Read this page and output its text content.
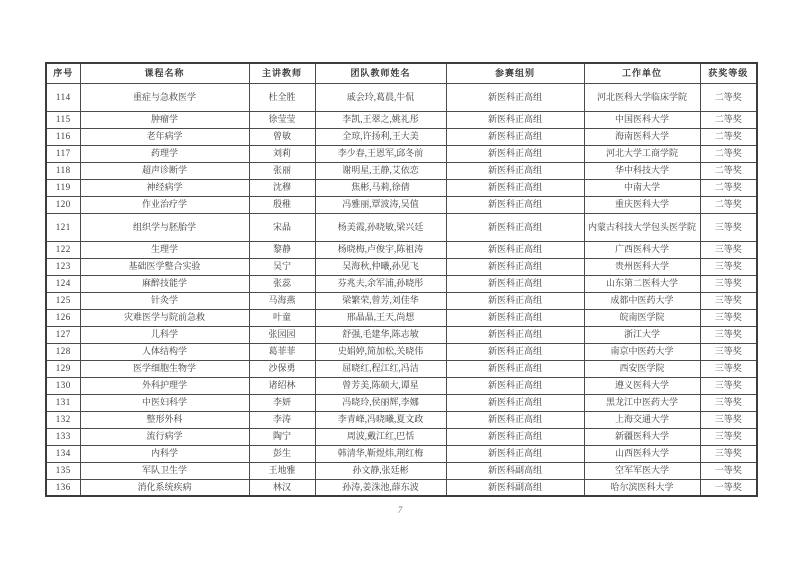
序号	课程名称	主讲教师	团队教师姓名	参赛组别	工作单位	获奖等级
114	重症与急救医学	杜全胜	戚会玲,葛晨,牛侃	新医科正高组	河北医科大学临床学院	二等奖
115	肿瘤学	徐莹莹	李凯,王翠之,姚礼彤	新医科正高组	中国医科大学	二等奖
116	老年病学	曾敏	全琼,许扬利,王大美	新医科正高组	海南医科大学	二等奖
117	药理学	刘莉	李少春,王恩军,邱冬前	新医科正高组	河北大学工商学院	二等奖
118	超声诊断学	张丽	谢明星,王静,艾依恋	新医科正高组	华中科技大学	二等奖
119	神经病学	沈穆	焦彬,马莉,徐倩	新医科正高组	中南大学	二等奖
120	作业治疗学	殷稚	冯雅丽,覃波涛,吴值	新医科正高组	重庆医科大学	二等奖
121	组织学与胚胎学	宋晶	杨美霞,孙晓敏,梁兴廷	新医科正高组	内蒙古科技大学包头医学院	三等奖
122	生理学	黎静	杨晓梅,卢俊宇,陈祖涛	新医科正高组	广西医科大学	三等奖
123	基础医学整合实验	吴宁	吴海秋,仲曦,孙见飞	新医科正高组	贵州医科大学	三等奖
124	麻醉技能学	张蕊	芬兆夫,余军浦,孙晓彤	新医科正高组	山东第二医科大学	三等奖
125	针灸学	马海燕	梁繁荣,曾芳,刘佳华	新医科正高组	成都中医药大学	三等奖
126	灾难医学与院前急救	叶童	邢晶晶,王天,尚想	新医科正高组	皖南医学院	三等奖
127	儿科学	张园园	舒强,毛建华,陈志敏	新医科正高组	浙江大学	三等奖
128	人体结构学	葛菲菲	史娟婷,简加松,关晓伟	新医科正高组	南京中医药大学	三等奖
129	医学细胞生物学	沙保勇	屈晓红,程江红,冯洁	新医科正高组	西安医学院	三等奖
130	外科护理学	诸绍林	曾芳美,陈硕大,谭星	新医科正高组	遵义医科大学	三等奖
131	中医妇科学	李妍	冯晓玲,侯丽辉,李娜	新医科正高组	黑龙江中医药大学	三等奖
132	整形外科	李涛	李青峰,冯晓曦,夏文政	新医科正高组	上海交通大学	三等奖
133	流行病学	陶宁	周波,戴江红,巴恬	新医科正高组	新疆医科大学	三等奖
134	内科学	彭生	韩清华,靳煜炜,荆红梅	新医科正高组	山西医科大学	三等奖
135	军队卫生学	王地雅	孙文静,张廷彬	新医科副高组	空军军医大学	一等奖
136	消化系统疾病	林汉	孙涛,姜洙池,薛东波	新医科副高组	哈尔滨医科大学	一等奖
7
